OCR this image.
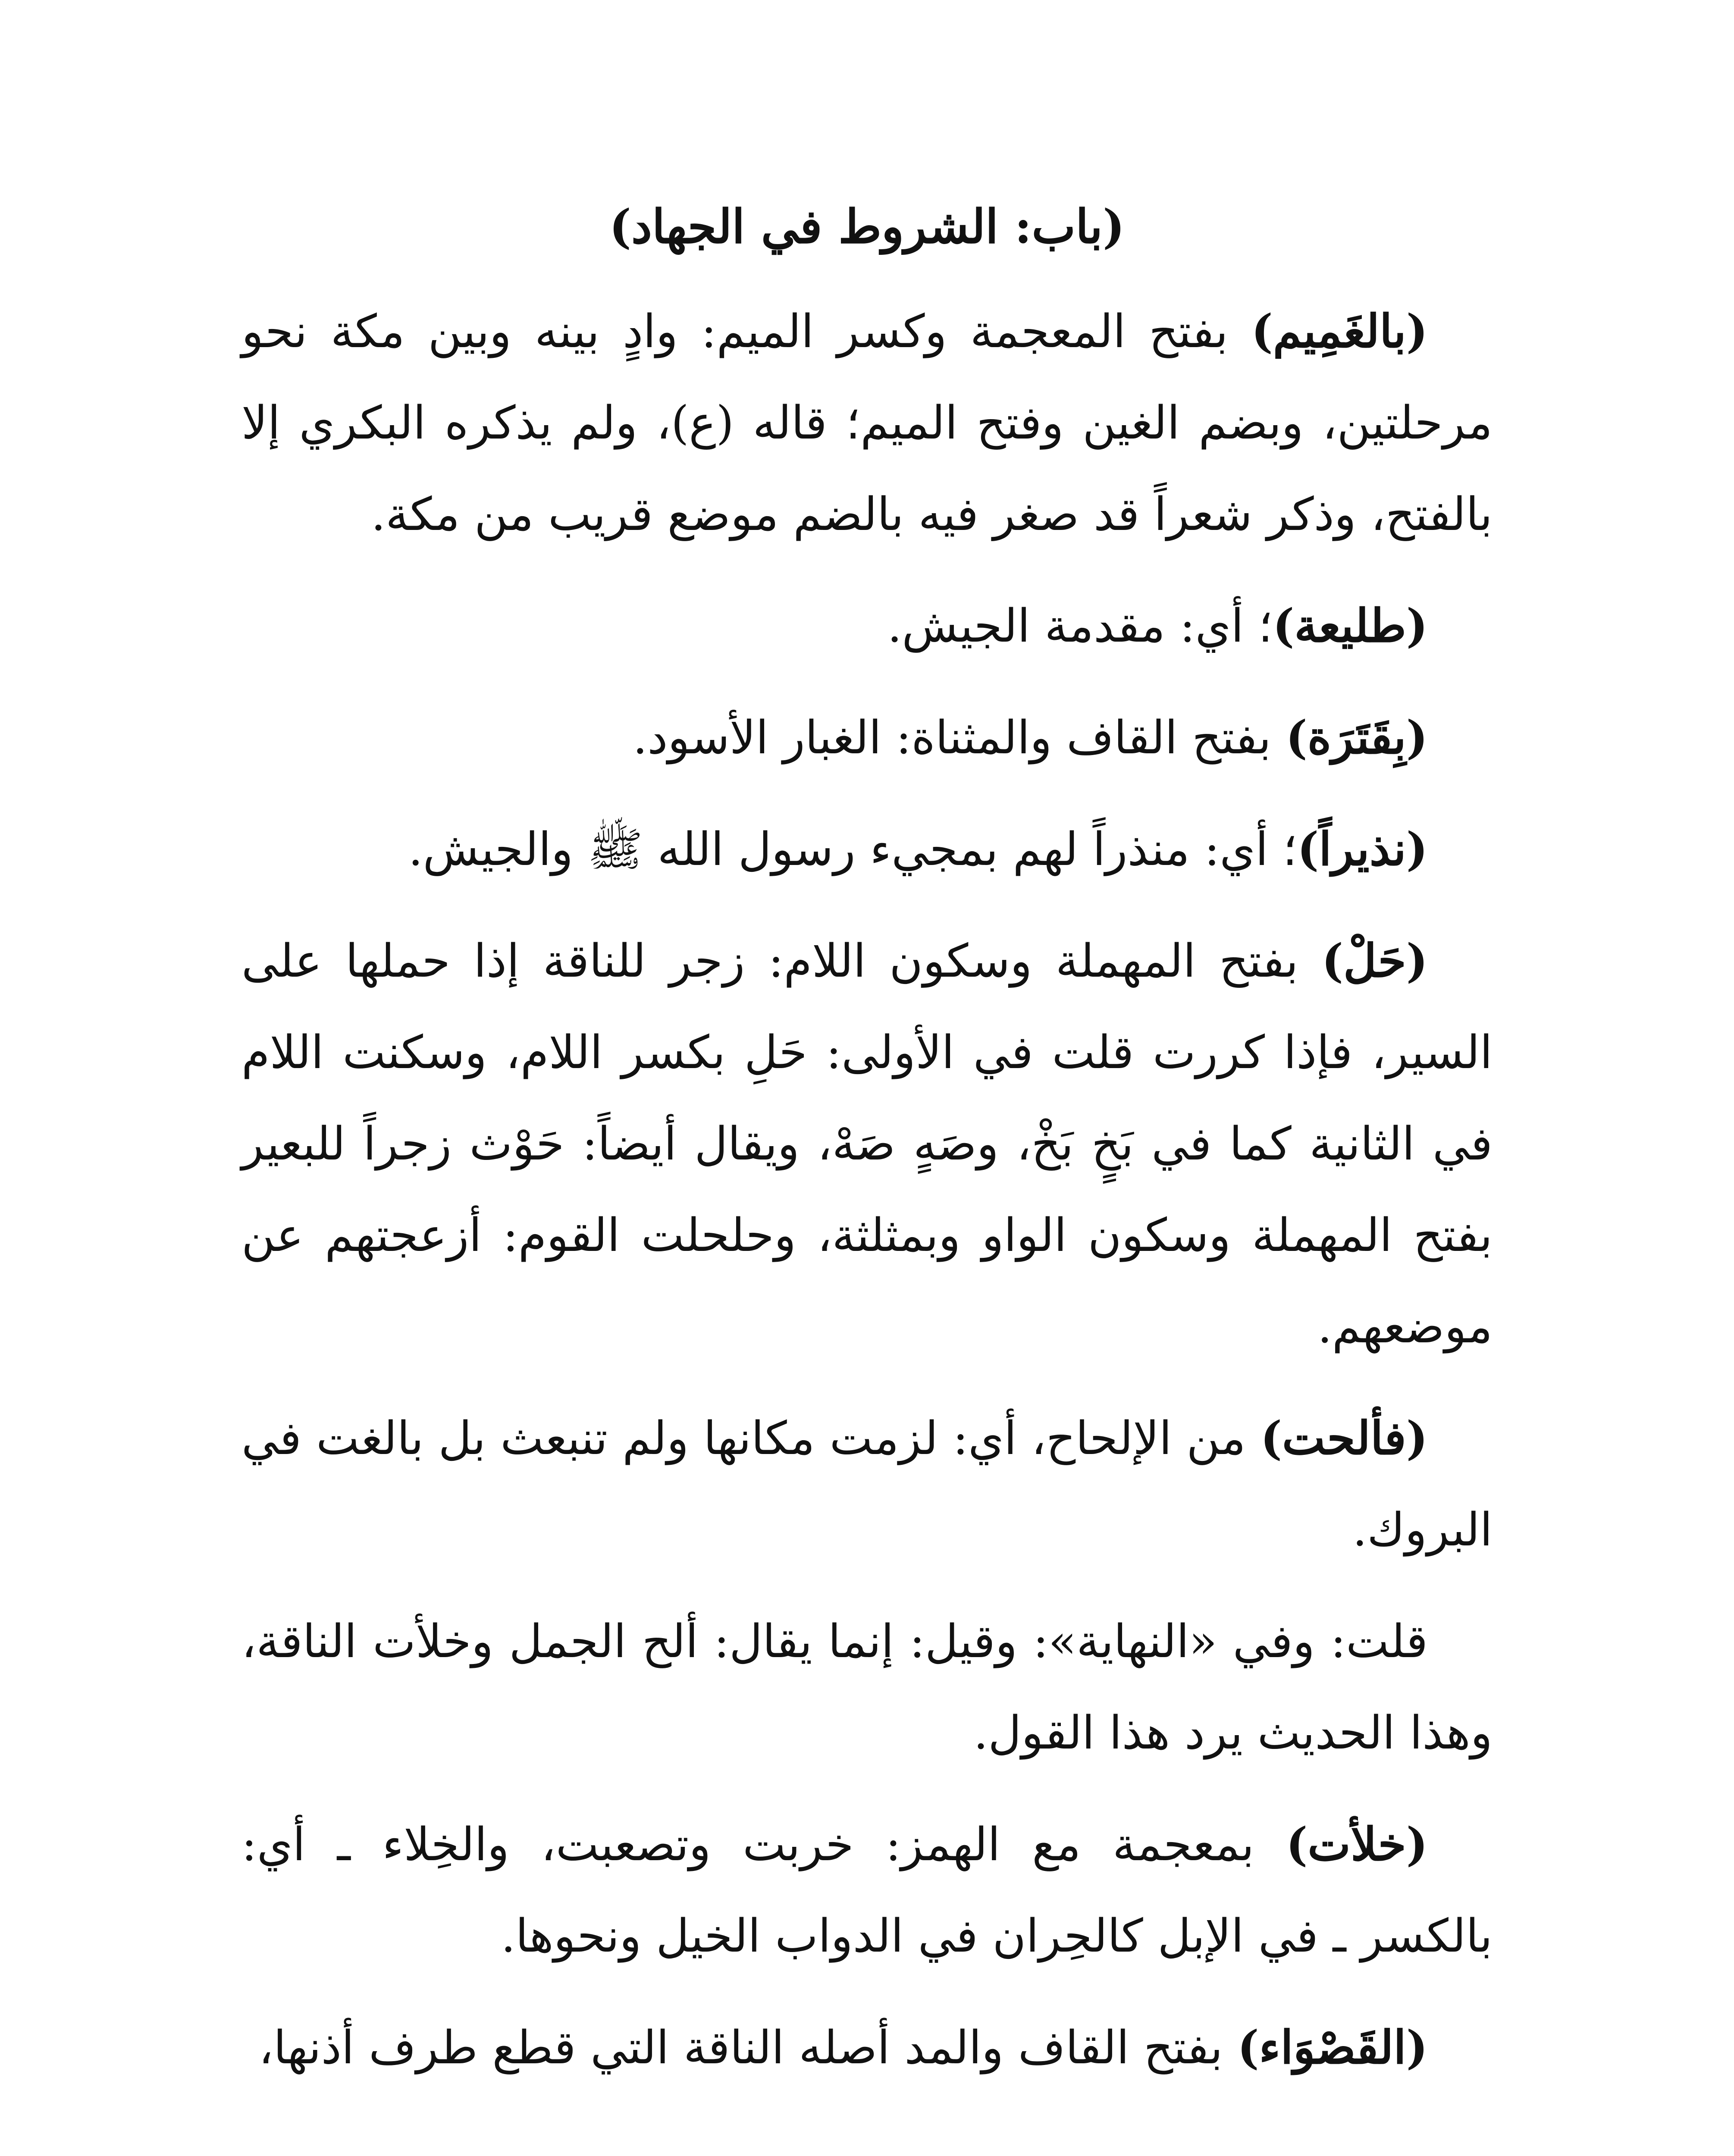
(باب: الشروط في الجهاد)

(بالغَمِيم) بفتح المعجمة وكسر الميم: وادٍ بينه وبين مكة نحو مرحلتين، وبضم الغين وفتح الميم؛ قاله (ع)، ولم يذكره البكري إلا بالفتح، وذكر شعراً قد صغر فيه بالضم موضع قريب من مكة.

(طليعة)؛ أي: مقدمة الجيش.

(بِقَتَرَة) بفتح القاف والمثناة: الغبار الأسود.

(نذيراً)؛ أي: منذراً لهم بمجيء رسول الله ﷺ والجيش.

(حَلْ) بفتح المهملة وسكون اللام: زجر للناقة إذا حملها على السير، فإذا كررت قلت في الأولى: حَلِ بكسر اللام، وسكنت اللام في الثانية كما في بَخٍ بَخْ، وصَهٍ صَهْ، ويقال أيضاً: حَوْث زجراً للبعير بفتح المهملة وسكون الواو وبمثلثة، وحلحلت القوم: أزعجتهم عن موضعهم.

(فألحت) من الإلحاح، أي: لزمت مكانها ولم تنبعث بل بالغت في البروك.

قلت: وفي «النهاية»: وقيل: إنما يقال: ألح الجمل وخلأت الناقة، وهذا الحديث يرد هذا القول.

(خلأت) بمعجمة مع الهمز: خربت وتصعبت، والخِلاء ـ أي: بالكسر ـ في الإبل كالحِران في الدواب الخيل ونحوها.

(القَصْوَاء) بفتح القاف والمد أصله الناقة التي قطع طرف أذنها،
